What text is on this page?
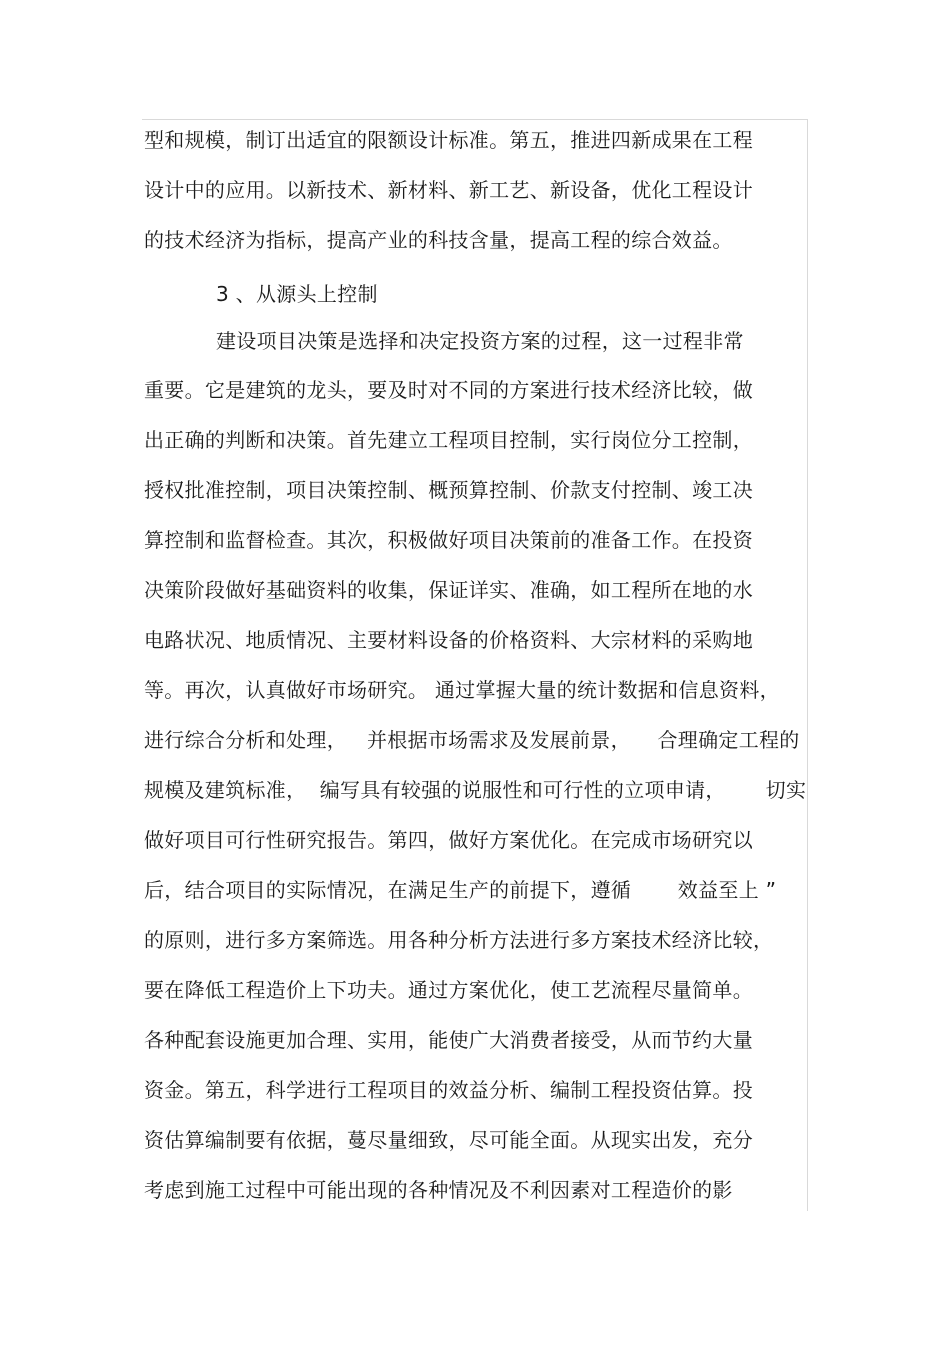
型和规模，制订出适宜的限额设计标准。第五，推进四新成果在工程
设计中的应用。以新技术、新材料、新工艺、新设备，优化工程设计
的技术经济为指标，提高产业的科技含量，提高工程的综合效益。
3 、从源头上控制
建设项目决策是选择和决定投资方案的过程，这一过程非常
重要。它是建筑的龙头，要及时对不同的方案进行技术经济比较，做
出正确的判断和决策。首先建立工程项目控制，实行岗位分工控制，
授权批准控制，项目决策控制、概预算控制、价款支付控制、竣工决
算控制和监督检查。其次，积极做好项目决策前的准备工作。在投资
决策阶段做好基础资料的收集，保证详实、准确，如工程所在地的水
电路状况、地质情况、主要材料设备的价格资料、大宗材料的采购地
等。再次，认真做好市场研究。 通过掌握大量的统计数据和信息资料，
进行综合分析和处理，   并根据市场需求及发展前景，    合理确定工程的
规模及建筑标准，  编写具有较强的说服性和可行性的立项申请，      切实
做好项目可行性研究报告。第四，做好方案优化。在完成市场研究以
后，结合项目的实际情况，在满足生产的前提下，遵循       效益至上 ”
的原则，进行多方案筛选。用各种分析方法进行多方案技术经济比较，
要在降低工程造价上下功夫。通过方案优化，使工艺流程尽量简单。
各种配套设施更加合理、实用，能使广大消费者接受，从而节约大量
资金。第五，科学进行工程项目的效益分析、编制工程投资估算。投
资估算编制要有依据，蔓尽量细致，尽可能全面。从现实出发，充分
考虑到施工过程中可能出现的各种情况及不利因素对工程造价的影
